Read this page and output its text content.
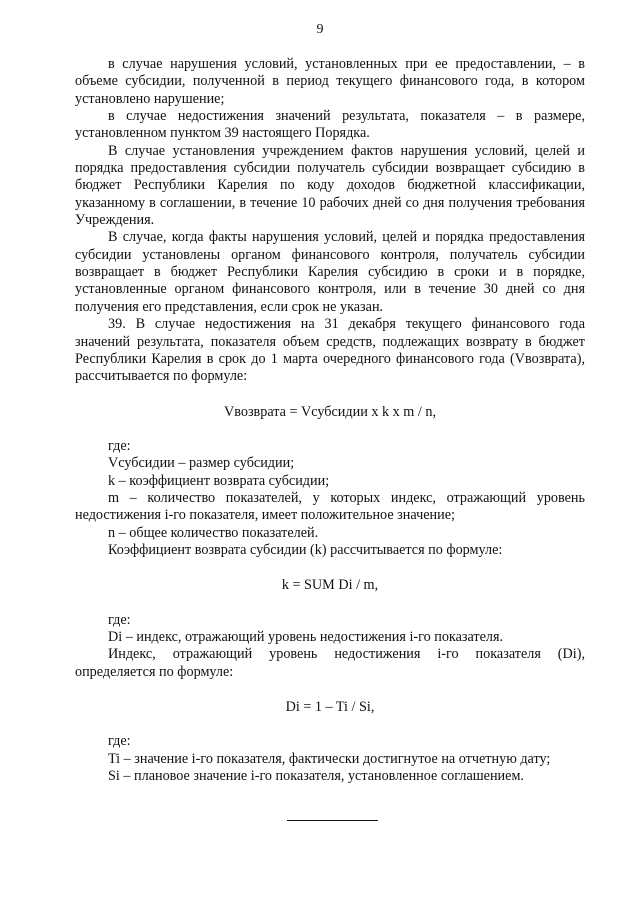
9

в случае нарушения условий, установленных при ее предоставлении, – в объеме субсидии, полученной в период текущего финансового года, в котором установлено нарушение;

в случае недостижения значений результата, показателя – в размере, установленном пунктом 39 настоящего Порядка.

В случае установления учреждением фактов нарушения условий, целей и порядка предоставления субсидии получатель субсидии возвращает субсидию в бюджет Республики Карелия по коду доходов бюджетной классификации, указанному в соглашении, в течение 10 рабочих дней со дня получения требования Учреждения.

В случае, когда факты нарушения условий, целей и порядка предоставления субсидии установлены органом финансового контроля, получатель субсидии возвращает в бюджет Республики Карелия субсидию в сроки и в порядке, установленные органом финансового контроля, или в течение 30 дней со дня получения его представления, если срок не указан.

39. В случае недостижения на 31 декабря текущего финансового года значений результата, показателя объем средств, подлежащих возврату в бюджет Республики Карелия в срок до 1 марта очередного финансового года (Vвозврата), рассчитывается по формуле:

Vвозврата = Vсубсидии x k x m / n,

где:

Vсубсидии – размер субсидии;

k – коэффициент возврата субсидии;

m – количество показателей, у которых индекс, отражающий уровень недостижения i-го показателя, имеет положительное значение;

n – общее количество показателей.

Коэффициент возврата субсидии (k) рассчитывается по формуле:

k = SUM Di / m,

где:

Di – индекс, отражающий уровень недостижения i-го показателя.

Индекс, отражающий уровень недостижения i-го показателя (Di), определяется по формуле:

Di = 1 – Ti / Si,

где:

Ti – значение i-го показателя, фактически достигнутое на отчетную дату;

Si – плановое значение i-го показателя, установленное соглашением.
